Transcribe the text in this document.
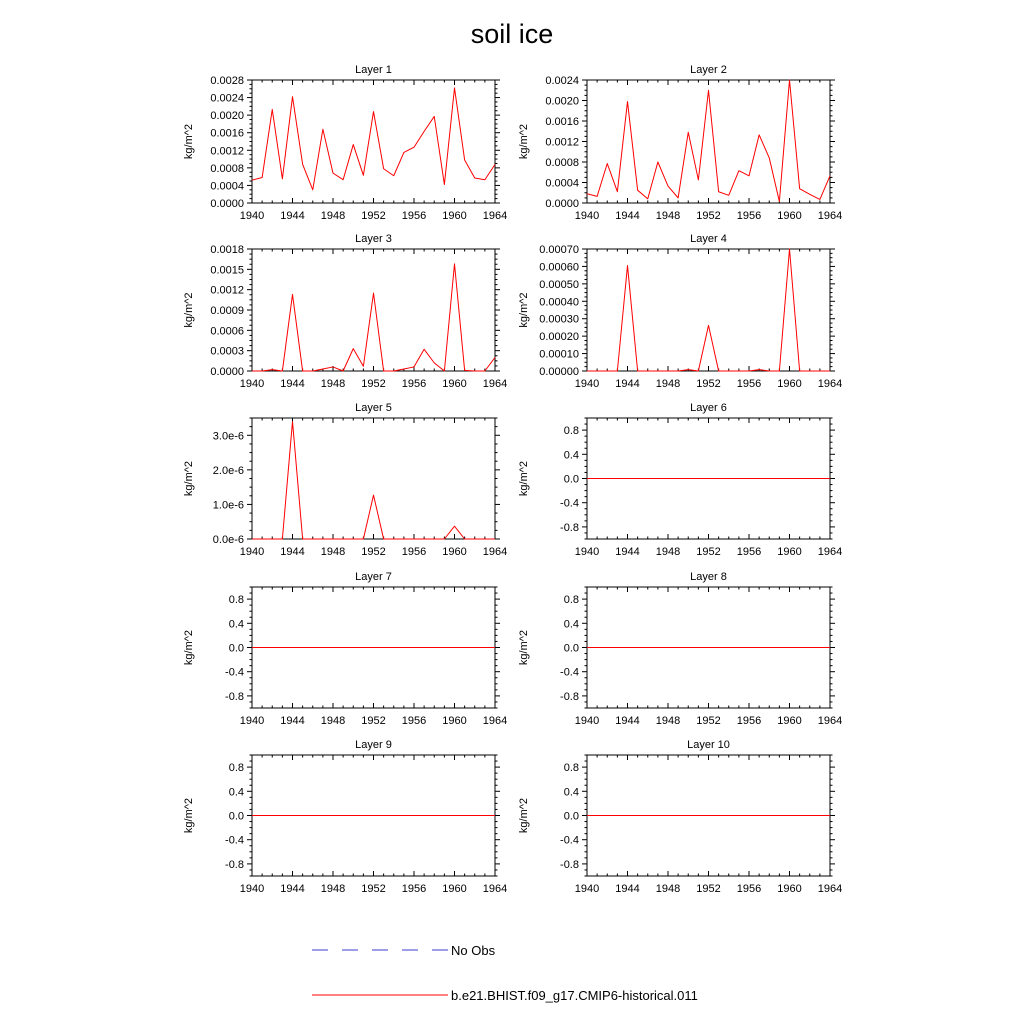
soil ice
Layer 1
kg/m^2
1940 1944 1948 1952 1956 1960 1964
0.0000
0.0004
0.0008
0.0012
0.0016
0.0020
0.0024
0.0028
Layer 2
kg/m^2
1940 1944 1948 1952 1956 1960 1964
0.0000
0.0004
0.0008
0.0012
0.0016
0.0020
0.0024
Layer 3
kg/m^2
1940 1944 1948 1952 1956 1960 1964
0.0000
0.0003
0.0006
0.0009
0.0012
0.0015
0.0018
Layer 4
kg/m^2
1940 1944 1948 1952 1956 1960 1964
0.00000
0.00010
0.00020
0.00030
0.00040
0.00050
0.00060
0.00070
Layer 5
kg/m^2
1940 1944 1948 1952 1956 1960 1964
0.0e-6
1.0e-6
2.0e-6
3.0e-6
Layer 6
kg/m^2
1940 1944 1948 1952 1956 1960 1964
-0.8
-0.4
0.0
0.4
0.8
Layer 7
kg/m^2
1940 1944 1948 1952 1956 1960 1964
-0.8
-0.4
0.0
0.4
0.8
Layer 8
kg/m^2
1940 1944 1948 1952 1956 1960 1964
-0.8
-0.4
0.0
0.4
0.8
Layer 9
kg/m^2
1940 1944 1948 1952 1956 1960 1964
-0.8
-0.4
0.0
0.4
0.8
Layer 10
kg/m^2
1940 1944 1948 1952 1956 1960 1964
-0.8
-0.4
0.0
0.4
0.8
No Obs
b.e21.BHIST.f09_g17.CMIP6-historical.011
